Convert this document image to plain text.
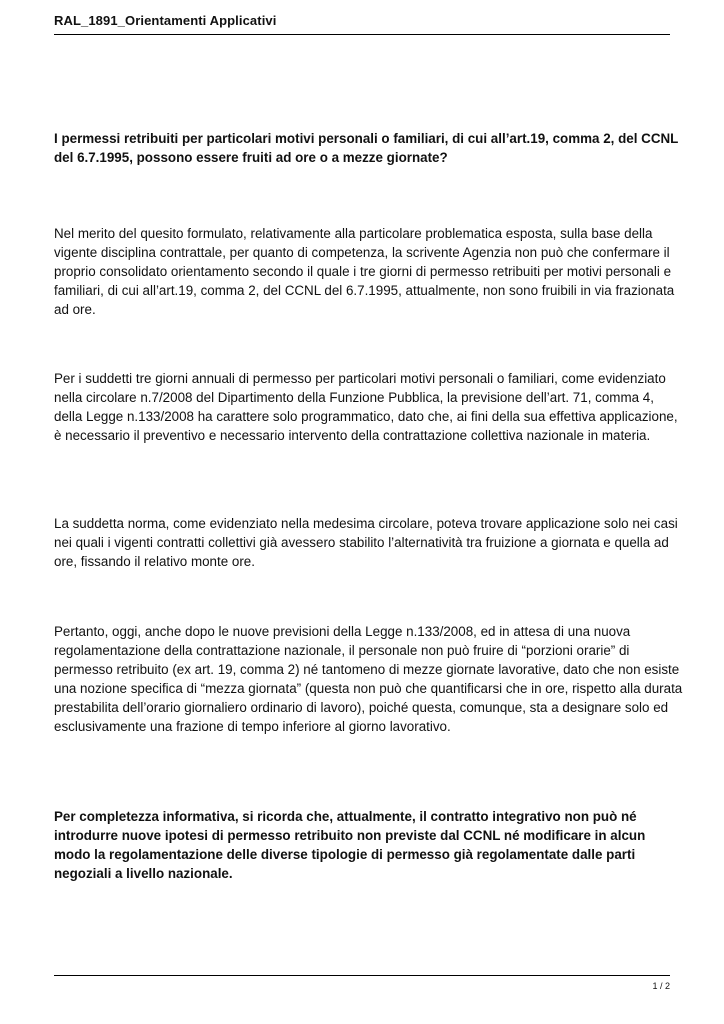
RAL_1891_Orientamenti Applicativi
I permessi retribuiti per particolari motivi personali o familiari, di cui all’art.19, comma 2, del CCNL del 6.7.1995, possono essere fruiti ad ore o a mezze giornate?
Nel merito del quesito formulato, relativamente alla particolare problematica esposta, sulla base della vigente disciplina contrattale, per quanto di competenza, la scrivente Agenzia non può che confermare il proprio consolidato orientamento secondo il quale i tre giorni di permesso retribuiti per motivi personali e familiari, di cui all’art.19, comma 2, del CCNL del 6.7.1995, attualmente, non sono fruibili in via frazionata ad ore.
Per i suddetti tre giorni annuali di permesso per particolari motivi personali o familiari, come evidenziato nella circolare n.7/2008 del Dipartimento della Funzione Pubblica, la previsione dell’art. 71, comma 4, della Legge n.133/2008 ha carattere solo programmatico, dato che, ai fini della sua effettiva applicazione, è necessario il preventivo e necessario intervento della contrattazione collettiva nazionale in materia.
La suddetta norma, come evidenziato nella medesima circolare, poteva trovare applicazione solo nei casi nei quali i vigenti contratti collettivi già avessero stabilito l’alternatività tra fruizione a giornata e quella ad ore, fissando il relativo monte ore.
Pertanto, oggi, anche dopo le nuove previsioni della Legge n.133/2008, ed in attesa di una nuova regolamentazione della contrattazione nazionale, il personale non può fruire di “porzioni orarie” di permesso retribuito (ex art. 19, comma 2) né tantomeno di mezze giornate lavorative, dato che non esiste una nozione specifica di “mezza giornata” (questa non può che quantificarsi che in ore, rispetto alla durata prestabilita dell’orario giornaliero ordinario di lavoro), poiché questa, comunque, sta a designare solo ed esclusivamente una frazione di tempo inferiore al giorno lavorativo.
Per completezza informativa, si ricorda che, attualmente, il contratto integrativo non può né introdurre nuove ipotesi di permesso retribuito non previste dal CCNL né modificare in alcun modo la regolamentazione delle diverse tipologie di permesso già regolamentate dalle parti negoziali a livello nazionale.
1 / 2
